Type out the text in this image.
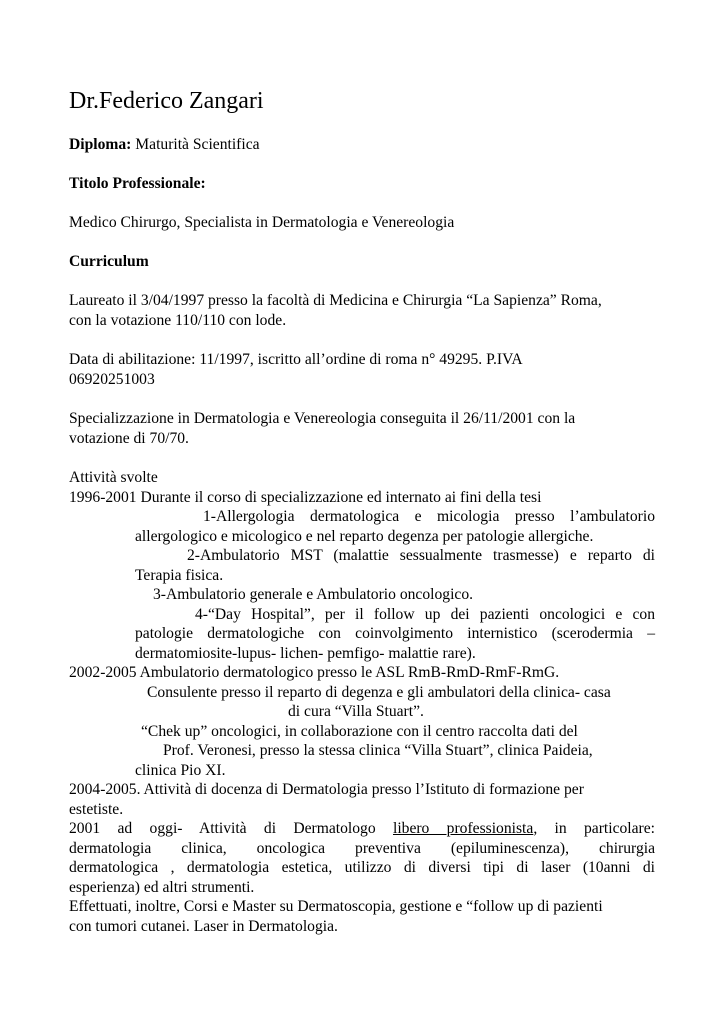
Dr.Federico Zangari
Diploma: Maturità Scientifica
Titolo Professionale:
Medico Chirurgo, Specialista in Dermatologia e Venereologia
Curriculum
Laureato il 3/04/1997 presso la facoltà di Medicina e Chirurgia “La Sapienza” Roma,
con la votazione 110/110 con lode.
Data di abilitazione: 11/1997, iscritto all’ordine di roma n° 49295. P.IVA
06920251003
Specializzazione in Dermatologia e Venereologia conseguita il 26/11/2001 con la
votazione di 70/70.
Attività svolte
1996-2001 Durante il corso di specializzazione ed internato ai fini della tesi
1-Allergologia dermatologica e micologia presso l’ambulatorio
allergologico e micologico e nel reparto degenza per patologie allergiche.
2-Ambulatorio MST (malattie sessualmente trasmesse) e reparto di
Terapia fisica.
3-Ambulatorio generale e Ambulatorio oncologico.
4-“Day Hospital”, per il follow up dei pazienti oncologici e con
patologie dermatologiche con coinvolgimento internistico (scerodermia –
dermatomiosite-lupus- lichen- pemfigo- malattie rare).
2002-2005 Ambulatorio dermatologico presso le ASL RmB-RmD-RmF-RmG.
Consulente presso il reparto di degenza e gli ambulatori della clinica- casa
di cura “Villa Stuart”.
“Chek up” oncologici, in collaborazione con il centro raccolta dati del
Prof. Veronesi, presso la stessa clinica “Villa Stuart”, clinica Paideia,
clinica Pio XI.
2004-2005. Attività di docenza di Dermatologia presso l’Istituto di formazione per
estetiste.
2001 ad oggi- Attività di Dermatologo libero professionista, in particolare:
dermatologia clinica, oncologica preventiva (epiluminescenza), chirurgia
dermatologica , dermatologia estetica, utilizzo di diversi tipi di laser (10anni di
esperienza) ed altri strumenti.
Effettuati, inoltre, Corsi e Master su Dermatoscopia, gestione e “follow up di pazienti
con tumori cutanei. Laser in Dermatologia.
